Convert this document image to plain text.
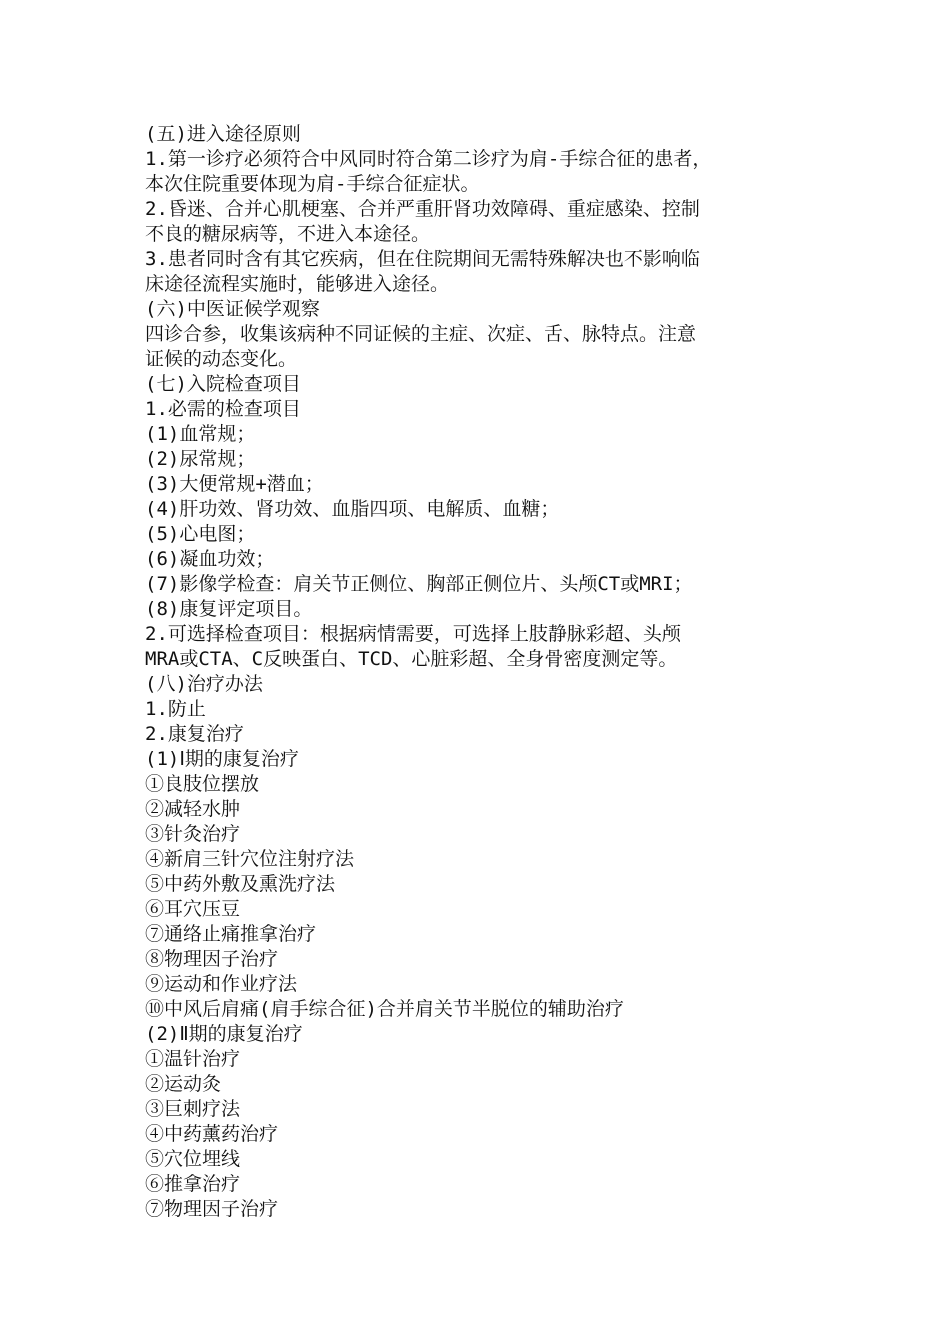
(五)进入途径原则
1.第一诊疗必须符合中风同时符合第二诊疗为肩-手综合征的患者，
本次住院重要体现为肩-手综合征症状。
2.昏迷、合并心肌梗塞、合并严重肝肾功效障碍、重症感染、控制
不良的糖尿病等，不进入本途径。
3.患者同时含有其它疾病，但在住院期间无需特殊解决也不影响临
床途径流程实施时，能够进入途径。
(六)中医证候学观察
四诊合参，收集该病种不同证候的主症、次症、舌、脉特点。注意
证候的动态变化。
(七)入院检查项目
1.必需的检查项目
(1)血常规；
(2)尿常规；
(3)大便常规+潜血；
(4)肝功效、肾功效、血脂四项、电解质、血糖；
(5)心电图；
(6)凝血功效；
(7)影像学检查：肩关节正侧位、胸部正侧位片、头颅CT或MRI；
(8)康复评定项目。
2.可选择检查项目：根据病情需要，可选择上肢静脉彩超、头颅
MRA或CTA、C反映蛋白、TCD、心脏彩超、全身骨密度测定等。
(八)治疗办法
1.防止
2.康复治疗
(1)Ⅰ期的康复治疗
①良肢位摆放
②减轻水肿
③针灸治疗
④新肩三针穴位注射疗法
⑤中药外敷及熏洗疗法
⑥耳穴压豆
⑦通络止痛推拿治疗
⑧物理因子治疗
⑨运动和作业疗法
⑩中风后肩痛(肩手综合征)合并肩关节半脱位的辅助治疗
(2)Ⅱ期的康复治疗
①温针治疗
②运动灸
③巨刺疗法
④中药薰药治疗
⑤穴位埋线
⑥推拿治疗
⑦物理因子治疗
